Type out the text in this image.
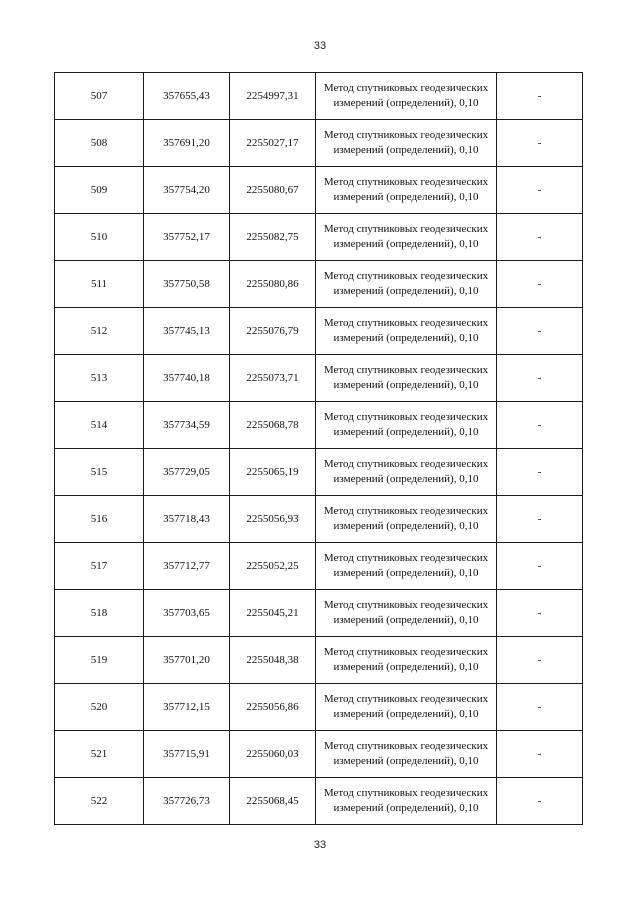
33
507	357655,43	2254997,31	Метод спутниковых геодезических измерений (определений), 0,10	-
508	357691,20	2255027,17	Метод спутниковых геодезических измерений (определений), 0,10	-
509	357754,20	2255080,67	Метод спутниковых геодезических измерений (определений), 0,10	-
510	357752,17	2255082,75	Метод спутниковых геодезических измерений (определений), 0,10	-
511	357750,58	2255080,86	Метод спутниковых геодезических измерений (определений), 0,10	-
512	357745,13	2255076,79	Метод спутниковых геодезических измерений (определений), 0,10	-
513	357740,18	2255073,71	Метод спутниковых геодезических измерений (определений), 0,10	-
514	357734,59	2255068,78	Метод спутниковых геодезических измерений (определений), 0,10	-
515	357729,05	2255065,19	Метод спутниковых геодезических измерений (определений), 0,10	-
516	357718,43	2255056,93	Метод спутниковых геодезических измерений (определений), 0,10	-
517	357712,77	2255052,25	Метод спутниковых геодезических измерений (определений), 0,10	-
518	357703,65	2255045,21	Метод спутниковых геодезических измерений (определений), 0,10	-
519	357701,20	2255048,38	Метод спутниковых геодезических измерений (определений), 0,10	-
520	357712,15	2255056,86	Метод спутниковых геодезических измерений (определений), 0,10	-
521	357715,91	2255060,03	Метод спутниковых геодезических измерений (определений), 0,10	-
522	357726,73	2255068,45	Метод спутниковых геодезических измерений (определений), 0,10	-
33
